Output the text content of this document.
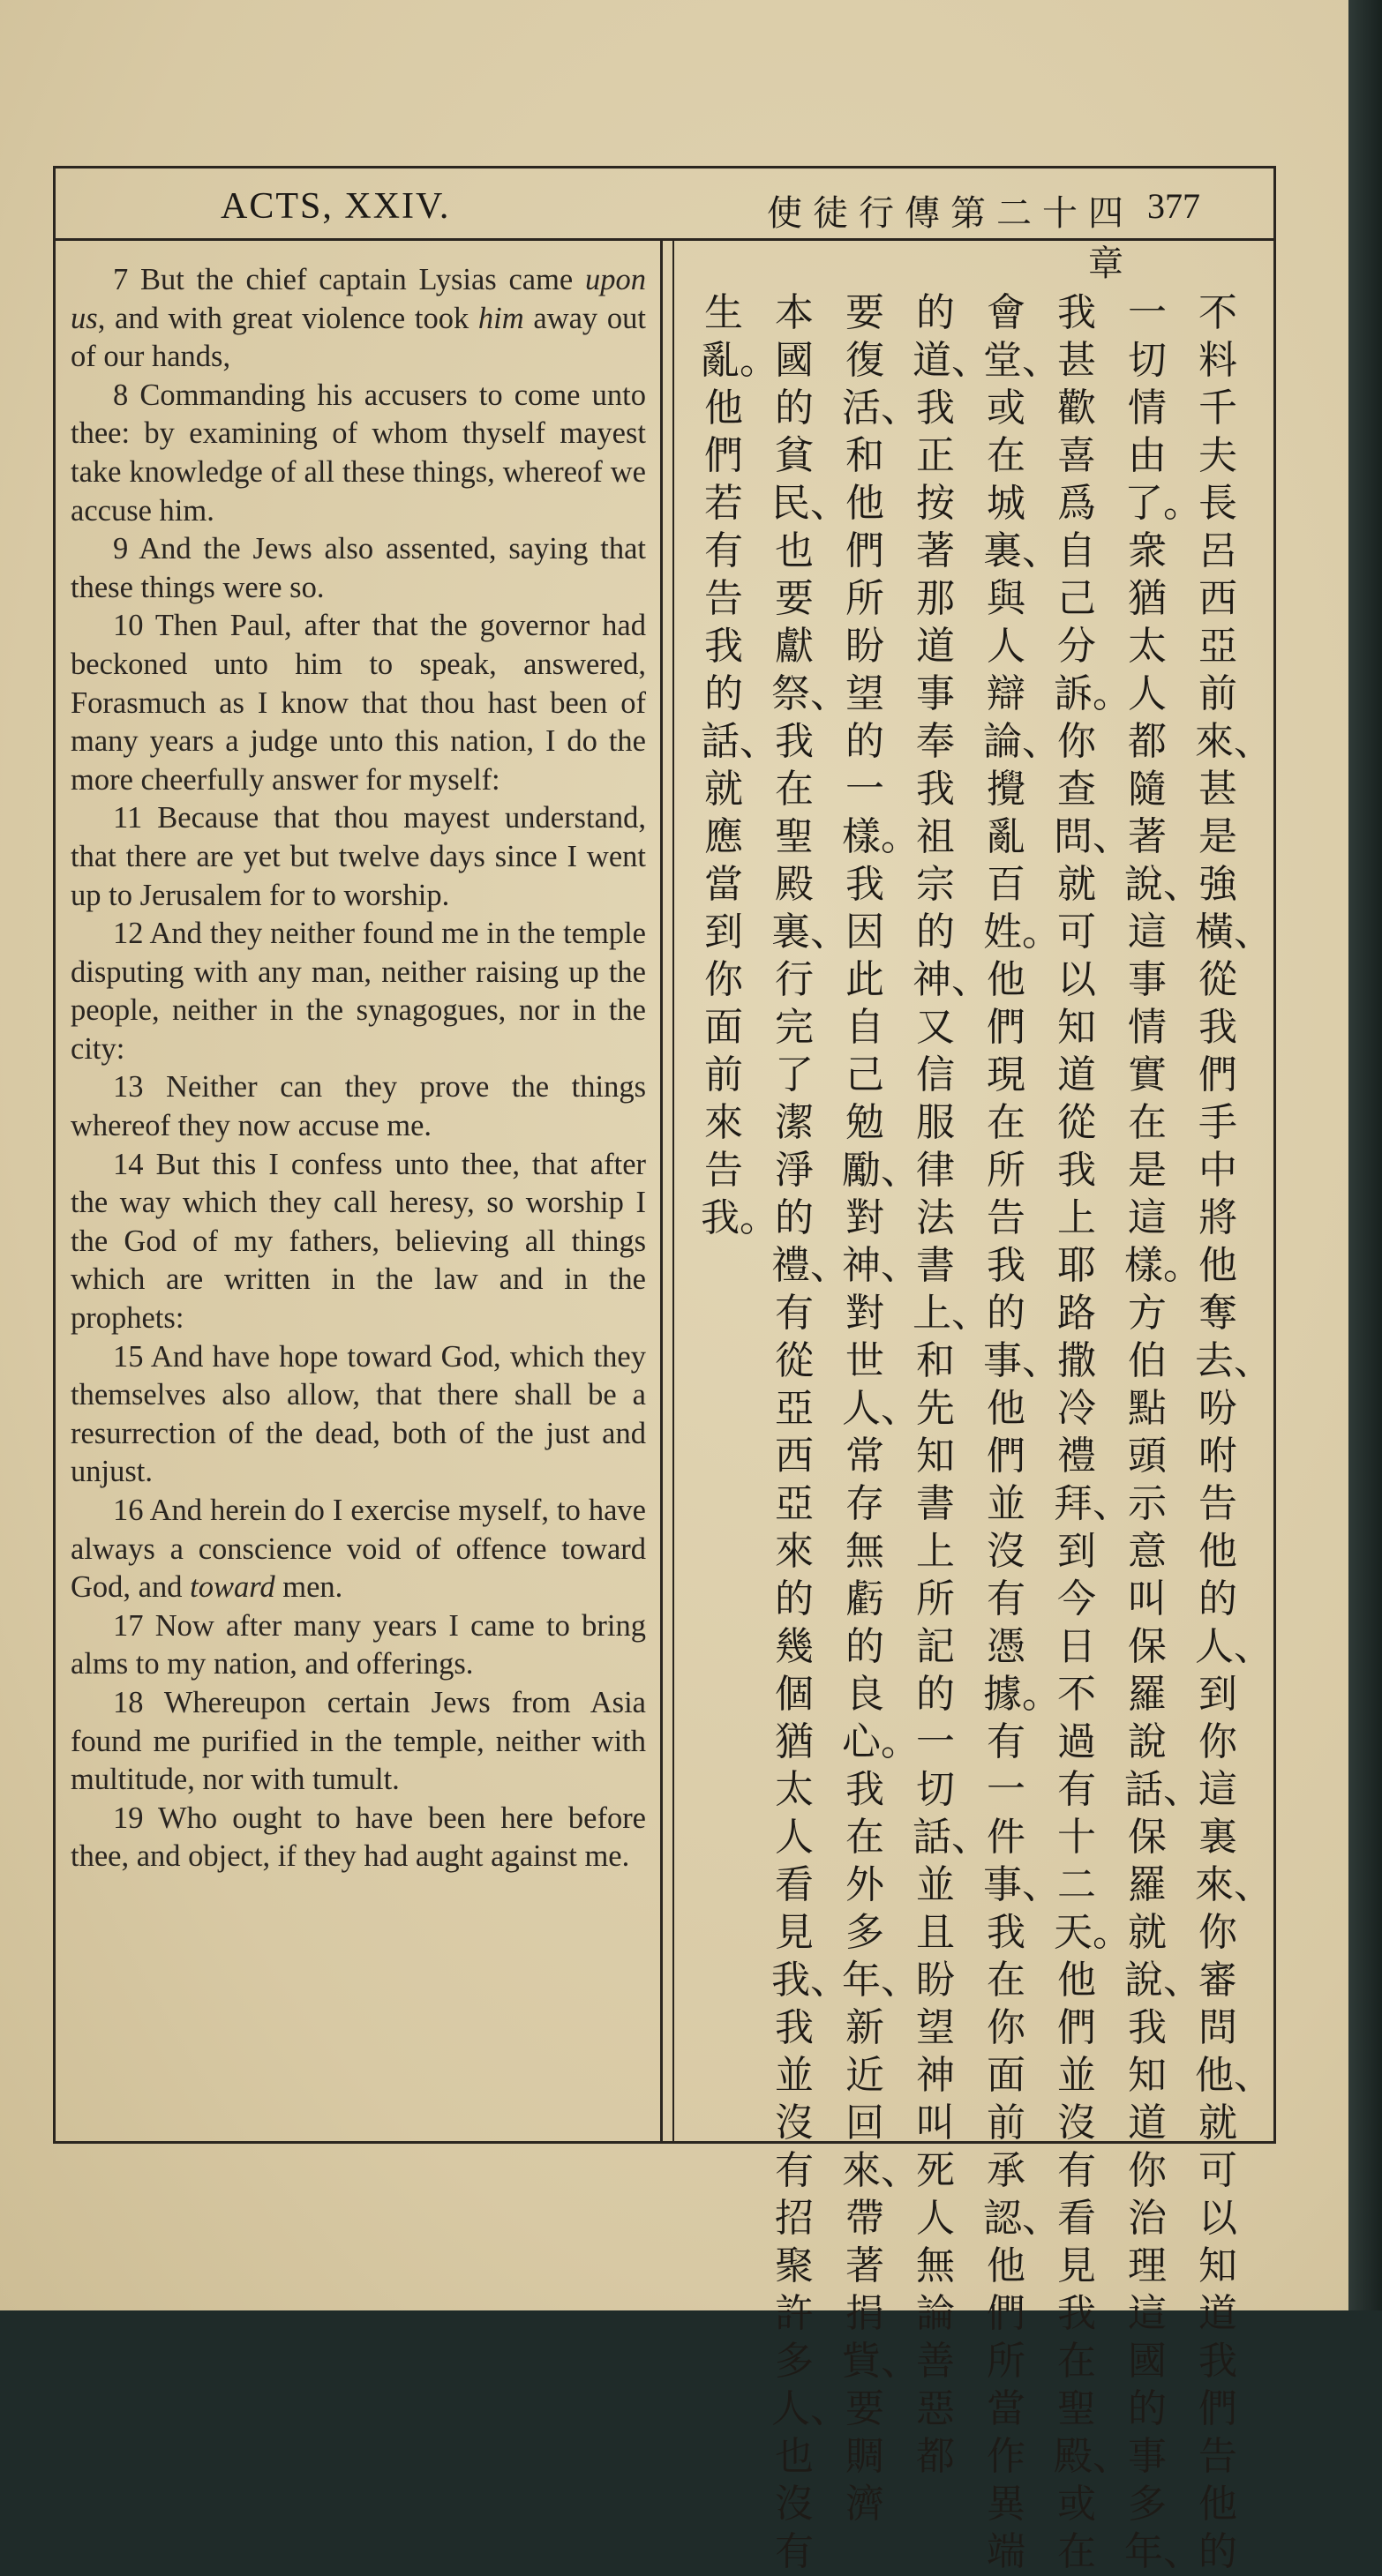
ACTS, XXIV.	使徒行傳第二十四章
377

7 But the chief captain Lysias came upon us, and with great violence took him away out of our hands,

8 Commanding his accusers to come unto thee: by examining of whom thyself mayest take knowledge of all these things, whereof we accuse him.

9 And the Jews also assented, saying that these things were so.

10 Then Paul, after that the governor had beckoned unto him to speak, answered, Forasmuch as I know that thou hast been of many years a judge unto this nation, I do the more cheerfully answer for myself:

11 Because that thou mayest understand, that there are yet but twelve days since I went up to Jerusalem for to worship.

12 And they neither found me in the temple disputing with any man, neither raising up the people, neither in the synagogues, nor in the city:

13 Neither can they prove the things whereof they now accuse me.

14 But this I confess unto thee, that after the way which they call heresy, so worship I the God of my fathers, believing all things which are written in the law and in the prophets:

15 And have hope toward God, which they themselves also allow, that there shall be a resurrection of the dead, both of the just and unjust.

16 And herein do I exercise myself, to have always a conscience void of offence toward God, and toward men.

17 Now after many years I came to bring alms to my nation, and offerings.

18 Whereupon certain Jews from Asia found me purified in the temple, neither with multitude, nor with tumult.

19 Who ought to have been here before thee, and object, if they had aught against me.

不料千夫長呂西亞前來、甚是強橫、從我們手中將他奪去、吩咐告他的人、到你這裏來、你審問他、就可以知道我們告他的
一切情由了。衆猶太人都隨著說、這事情實在是這樣。方伯點頭示意叫保羅說話、保羅就說、我知道你治理這國的事多年、
我甚歡喜爲自己分訴。你查問、就可以知道從我上耶路撒冷禮拜、到今日不過有十二天。他們並沒有看見我在聖殿、或在
會堂、或在城裏、與人辯論、攪亂百姓。他們現在所告我的事、他們並沒有憑據。有一件事、我在你面前承認、他們所當作異端
的道、我正按著那道事奉我祖宗的　神、又信服律法書上、和先知書上所記的一切話、並且盼望　神叫死人無論善惡都
要復活、和他們所盼望的一樣。我因此自己勉勵、對　神、對世人、常存無虧的良心。我在外多年、新近回來、帶著捐貲、要賙濟
本國的貧民、也要獻祭、我在聖殿裏、行完了潔淨的禮、有從亞西亞來的幾個猶太人看見我、我並沒有招聚許多人、也沒有
生亂。他們若有告我的話、就應當到你面前來告我。
